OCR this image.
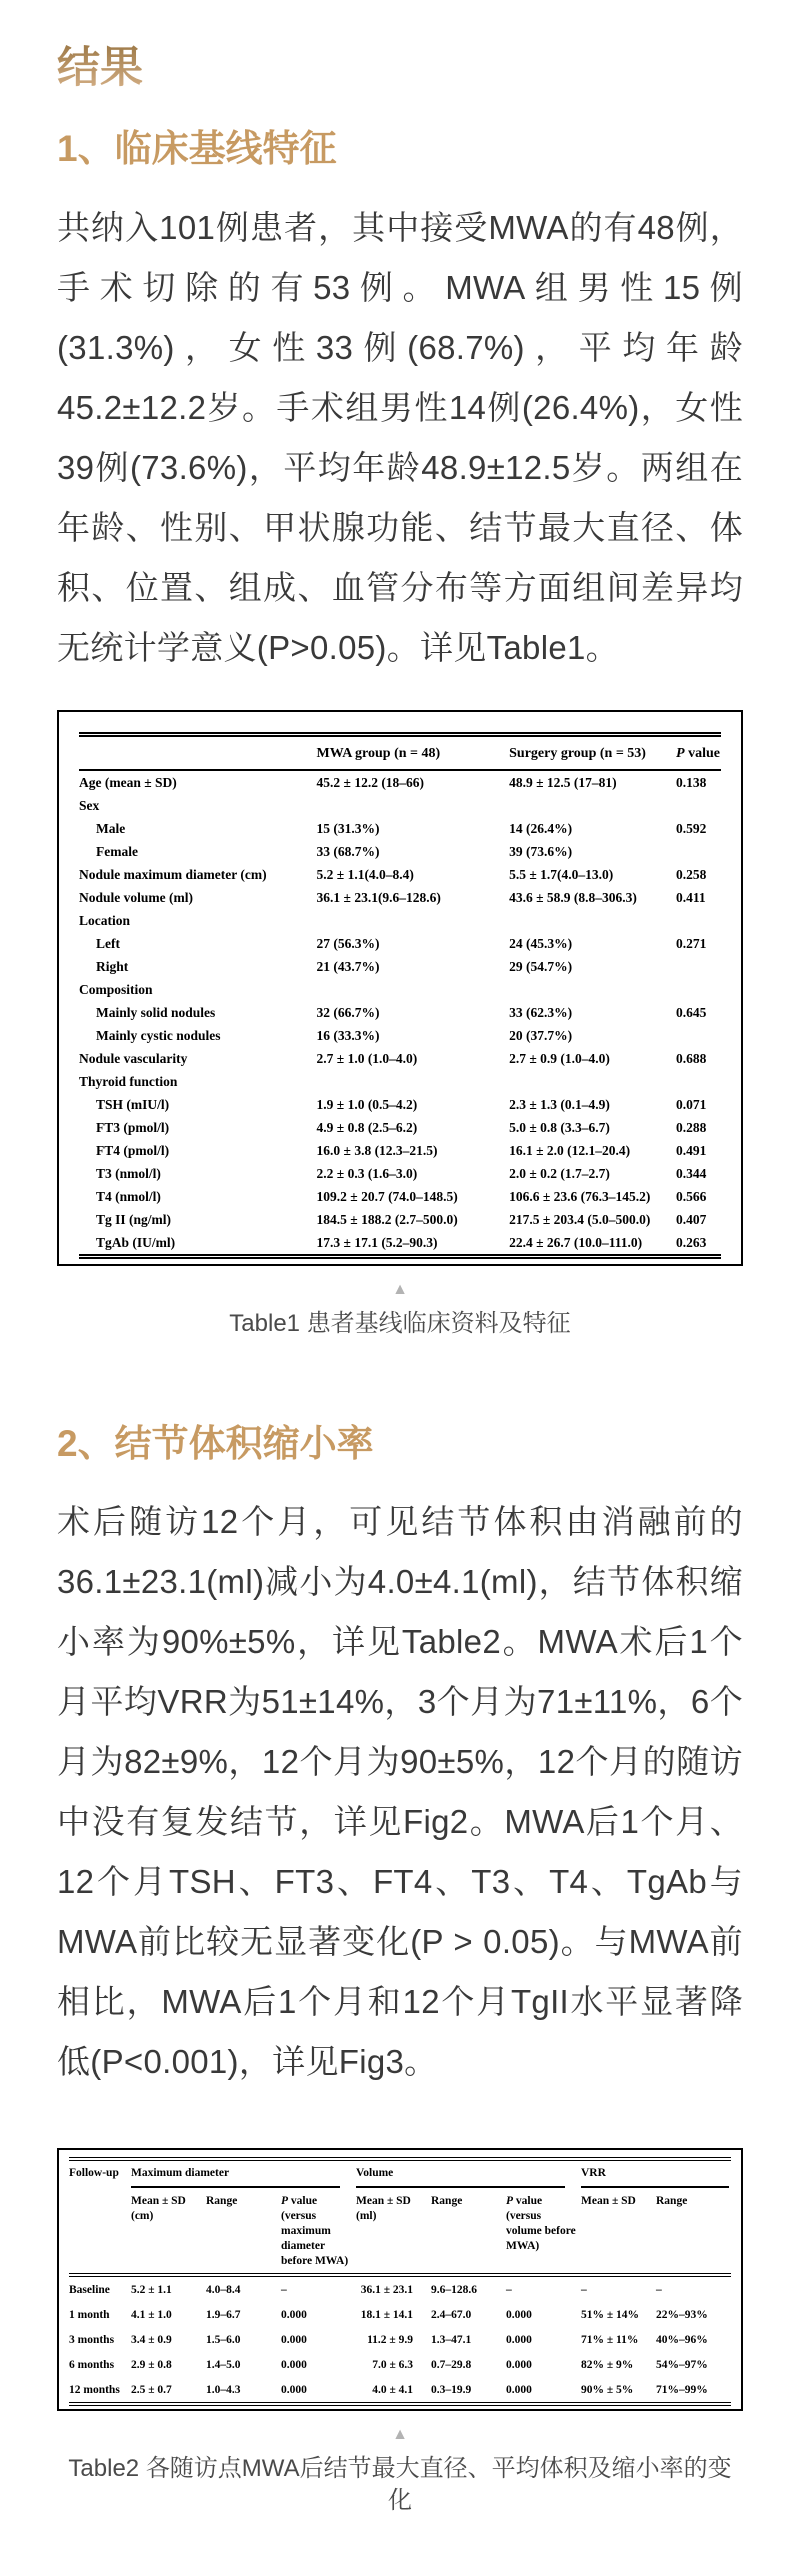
结果
1、临床基线特征

共纳入101例患者，其中接受MWA的有48例，手术切除的有53例。MWA组男性15例(31.3%)，女性33例(68.7%)，平均年龄45.2±12.2岁。手术组男性14例(26.4%)，女性39例(73.6%)，平均年龄48.9±12.5岁。两组在年龄、性别、甲状腺功能、结节最大直径、体积、位置、组成、血管分布等方面组间差异均无统计学意义(P>0.05)。详见Table1。

	MWA group (n = 48)	Surgery group (n = 53)	P value
Age (mean ± SD)	45.2 ± 12.2 (18–66)	48.9 ± 12.5 (17–81)	0.138
Sex			
Male	15 (31.3%)	14 (26.4%)	0.592
Female	33 (68.7%)	39 (73.6%)	
Nodule maximum diameter (cm)	5.2 ± 1.1(4.0–8.4)	5.5 ± 1.7(4.0–13.0)	0.258
Nodule volume (ml)	36.1 ± 23.1(9.6–128.6)	43.6 ± 58.9 (8.8–306.3)	0.411
Location			
Left	27 (56.3%)	24 (45.3%)	0.271
Right	21 (43.7%)	29 (54.7%)	
Composition			
Mainly solid nodules	32 (66.7%)	33 (62.3%)	0.645
Mainly cystic nodules	16 (33.3%)	20 (37.7%)	
Nodule vascularity	2.7 ± 1.0 (1.0–4.0)	2.7 ± 0.9 (1.0–4.0)	0.688
Thyroid function			
TSH (mIU/l)	1.9 ± 1.0 (0.5–4.2)	2.3 ± 1.3 (0.1–4.9)	0.071
FT3 (pmol/l)	4.9 ± 0.8 (2.5–6.2)	5.0 ± 0.8 (3.3–6.7)	0.288
FT4 (pmol/l)	16.0 ± 3.8 (12.3–21.5)	16.1 ± 2.0 (12.1–20.4)	0.491
T3 (nmol/l)	2.2 ± 0.3 (1.6–3.0)	2.0 ± 0.2 (1.7–2.7)	0.344
T4 (nmol/l)	109.2 ± 20.7 (74.0–148.5)	106.6 ± 23.6 (76.3–145.2)	0.566
Tg II (ng/ml)	184.5 ± 188.2 (2.7–500.0)	217.5 ± 203.4 (5.0–500.0)	0.407
TgAb (IU/ml)	17.3 ± 17.1 (5.2–90.3)	22.4 ± 26.7 (10.0–111.0)	0.263
▲
Table1 患者基线临床资料及特征
2、结节体积缩小率

术后随访12个月，可见结节体积由消融前的36.1±23.1(ml)减小为4.0±4.1(ml)，结节体积缩小率为90%±5%，详见Table2。MWA术后1个月平均VRR为51±14%，3个月为71±11%，6个月为82±9%，12个月为90±5%，12个月的随访中没有复发结节，详见Fig2。MWA后1个月、12个月TSH、FT3、FT4、T3、T4、TgAb与MWA前比较无显著变化(P > 0.05)。与MWA前相比，MWA后1个月和12个月TgII水平显著降低(P<0.001)，详见Fig3。

Follow-up	Maximum diameter			Volume			VRR	
	Mean ± SD (cm)	Range	P value (versus maximum diameter before MWA)	Mean ± SD (ml)	Range	P value (versus volume before MWA)	Mean ± SD	Range
Baseline	5.2 ± 1.1	4.0–8.4	–	36.1 ± 23.1	9.6–128.6	–	–	–
1 month	4.1 ± 1.0	1.9–6.7	0.000	18.1 ± 14.1	2.4–67.0	0.000	51% ± 14%	22%–93%
3 months	3.4 ± 0.9	1.5–6.0	0.000	11.2 ± 9.9	1.3–47.1	0.000	71% ± 11%	40%–96%
6 months	2.9 ± 0.8	1.4–5.0	0.000	7.0 ± 6.3	0.7–29.8	0.000	82% ± 9%	54%–97%
12 months	2.5 ± 0.7	1.0–4.3	0.000	4.0 ± 4.1	0.3–19.9	0.000	90% ± 5%	71%–99%
▲
Table2 各随访点MWA后结节最大直径、平均体积及缩小率的变化
